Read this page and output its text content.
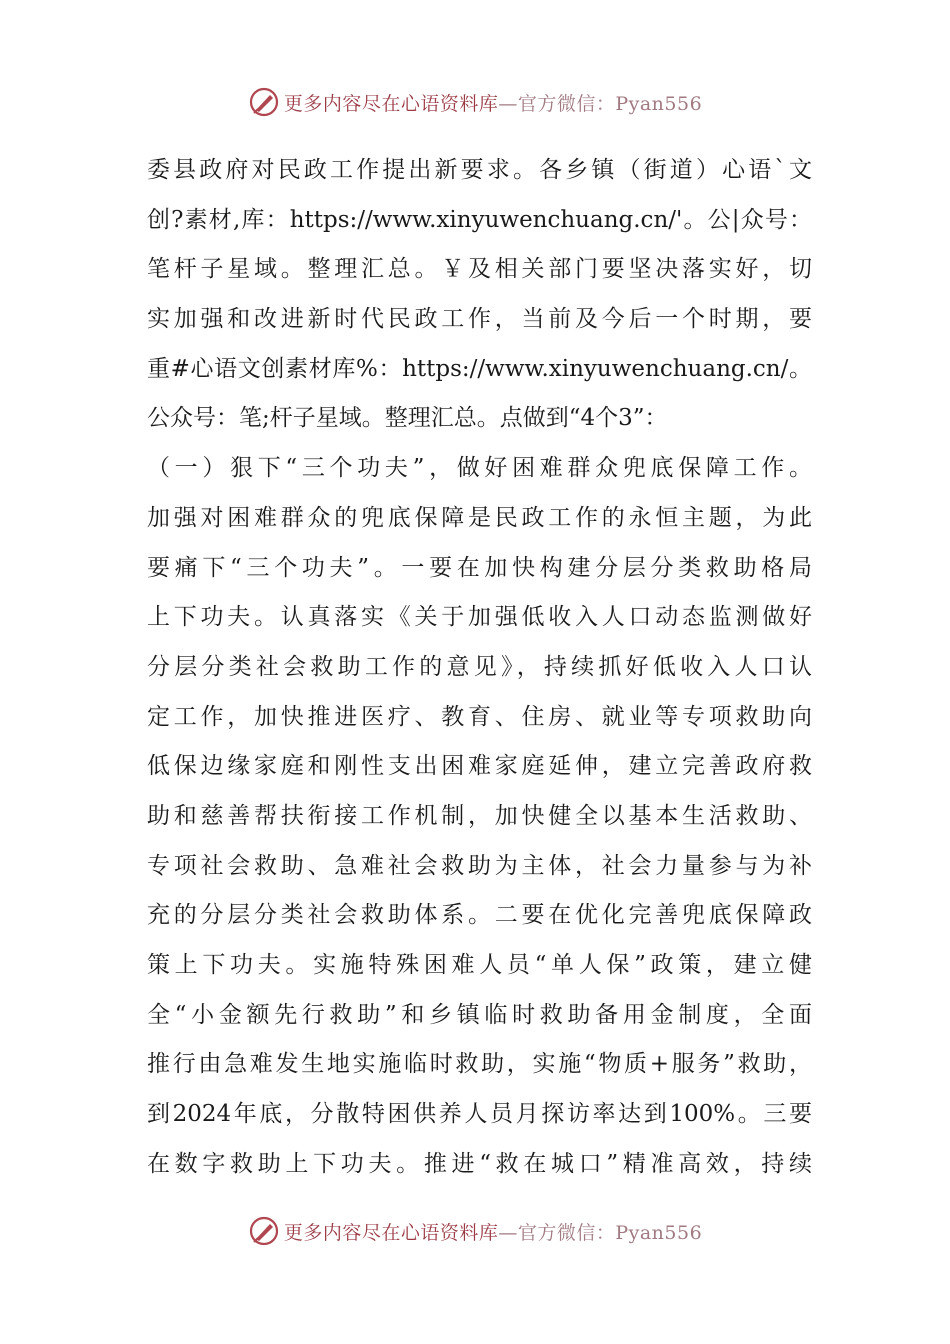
更多内容尽在心语资料库—官方微信：Pyan556
委县政府对民政工作提出新要求。各乡镇（街道）心语`文
创?素材,库：https://www.xinyuwenchuang.cn/'。公|众号：
笔杆子星域。整理汇总。￥及相关部门要坚决落实好，切
实加强和改进新时代民政工作，当前及今后一个时期，要
重#心语文创素材库%：https://www.xinyuwenchuang.cn/。
公众号：笔;杆子星域。整理汇总。点做到“4个3”：
（一）狠下“三个功夫”，做好困难群众兜底保障工作。
加强对困难群众的兜底保障是民政工作的永恒主题，为此
要痛下“三个功夫”。一要在加快构建分层分类救助格局
上下功夫。认真落实《关于加强低收入人口动态监测做好
分层分类社会救助工作的意见》，持续抓好低收入人口认
定工作，加快推进医疗、教育、住房、就业等专项救助向
低保边缘家庭和刚性支出困难家庭延伸，建立完善政府救
助和慈善帮扶衔接工作机制，加快健全以基本生活救助、
专项社会救助、急难社会救助为主体，社会力量参与为补
充的分层分类社会救助体系。二要在优化完善兜底保障政
策上下功夫。实施特殊困难人员“单人保”政策，建立健
全“小金额先行救助”和乡镇临时救助备用金制度，全面
推行由急难发生地实施临时救助，实施“物质+服务”救助，
到2024年底，分散特困供养人员月探访率达到100%。三要
在数字救助上下功夫。推进“救在城口”精准高效，持续
更多内容尽在心语资料库—官方微信：Pyan556
